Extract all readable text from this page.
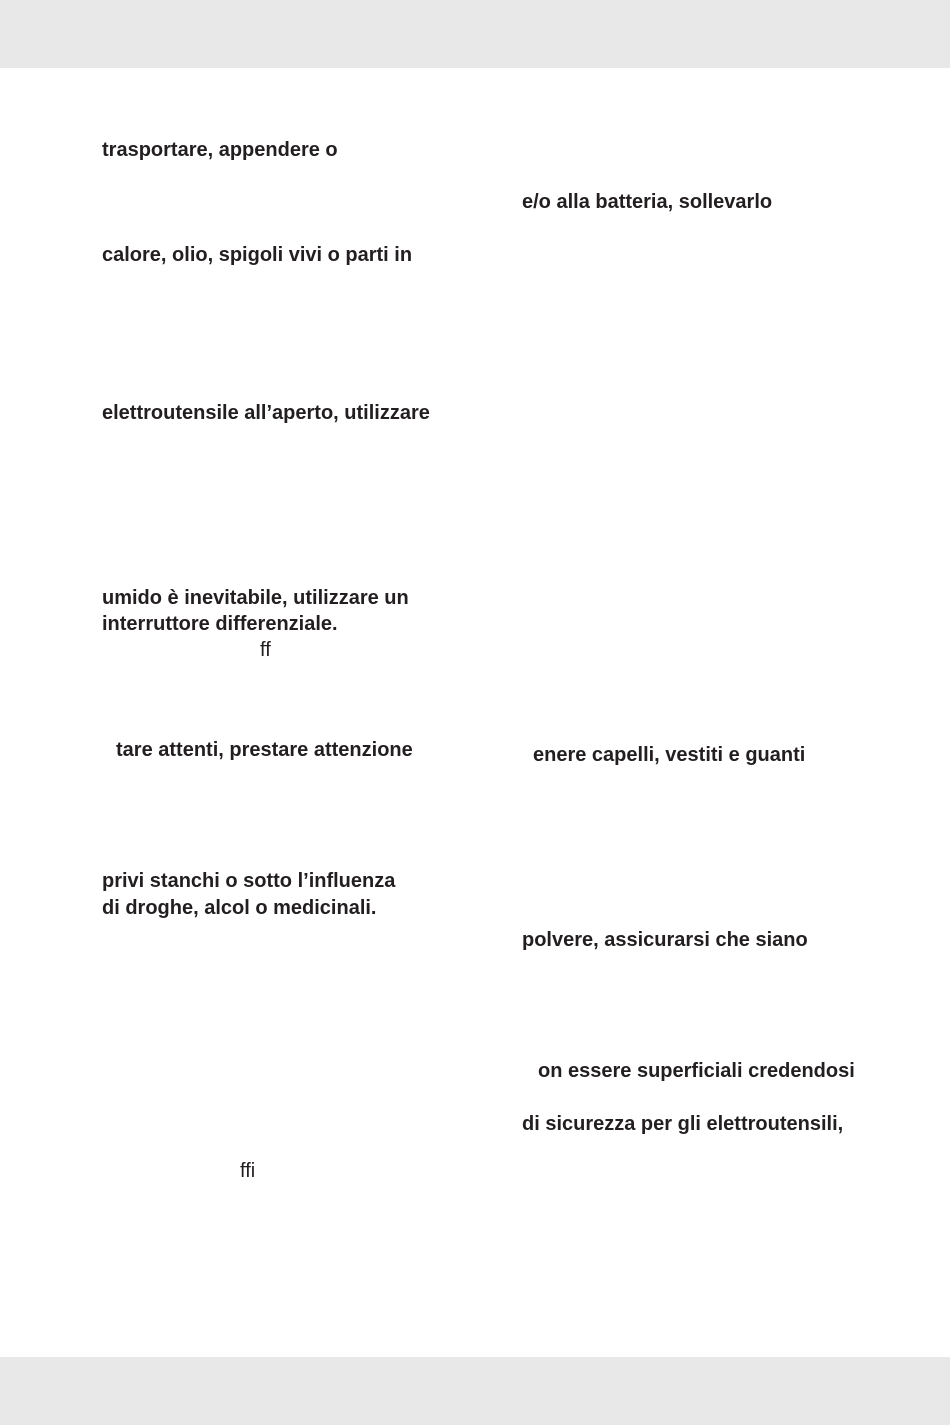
trasportare, appendere o

calore, olio, spigoli vivi o parti in

elettroutensile all’aperto, utilizzare

umido è inevitabile, utilizzare un

interruttore differenziale.

ff

tare attenti, prestare attenzione

privi stanchi o sotto l’influenza

di droghe, alcol o medicinali.

ffi

e/o alla batteria, sollevarlo

enere capelli, vestiti e guanti

polvere, assicurarsi che siano

on essere superficiali credendosi

di sicurezza per gli elettroutensili,
